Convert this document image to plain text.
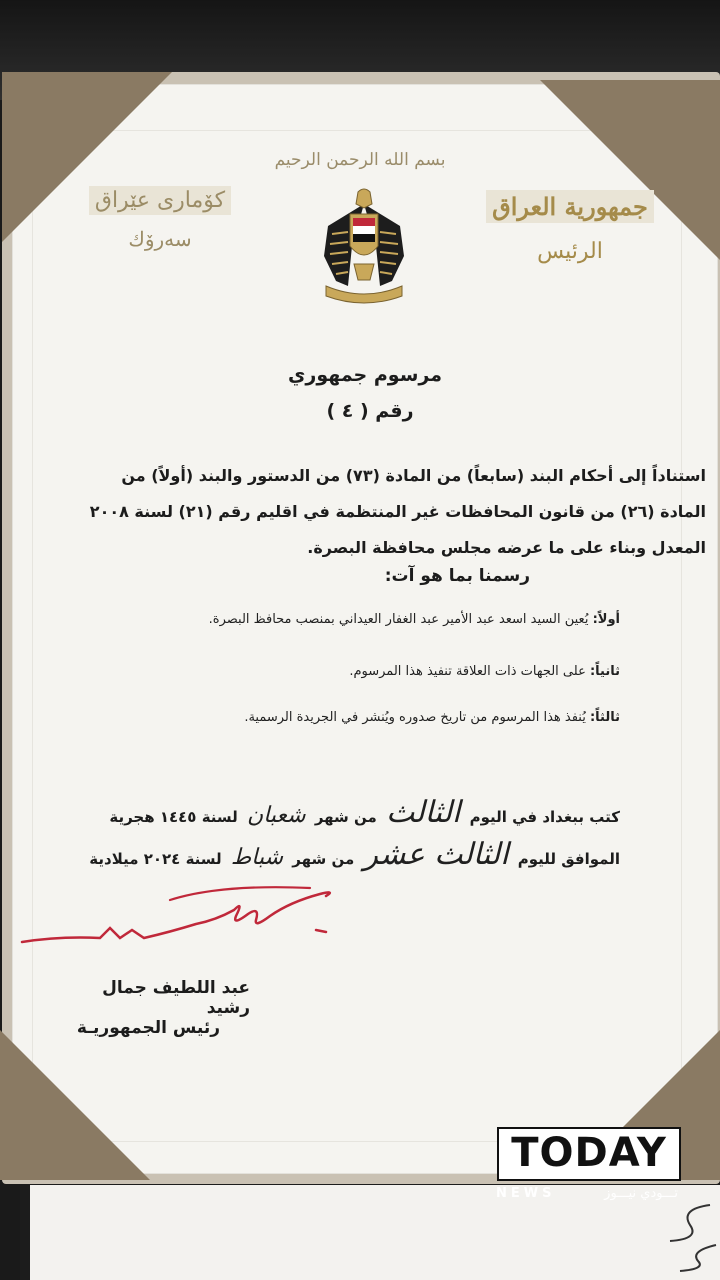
بسم الله الرحمن الرحيم
جمهورية العراق
الرئيس
كۆماری عێراق
سەرۆك
مرسوم جمهوري
رقم ( ٤ )

استناداً إلى أحكام البند (سابعاً) من المادة (٧٣) من الدستور والبند (أولاً) من

المادة (٢٦) من قانون المحافظات غير المنتظمة في اقليم رقم (٢١) لسنة ٢٠٠٨

المعدل وبناء على ما عرضه مجلس محافظة البصرة.

رسمنا بما هو آت:
أولاً: يُعين السيد اسعد عبد الأمير عبد الغفار العيداني بمنصب محافظ البصرة.
ثانياً: على الجهات ذات العلاقة تنفيذ هذا المرسوم.
ثالثاً: يُنفذ هذا المرسوم من تاريخ صدوره ويُنشر في الجريدة الرسمية.
كتب ببغداد في اليوم الثالث من شهر شعبان لسنة ١٤٤٥ هجرية
الموافق لليوم الثالث عشر من شهر شباط لسنة ٢٠٢٤ ميلادية
عبد اللطيف جمال رشيد
رئيس الجمهوريـة
TODAY
NEWS	تـــودي نيـــوز
